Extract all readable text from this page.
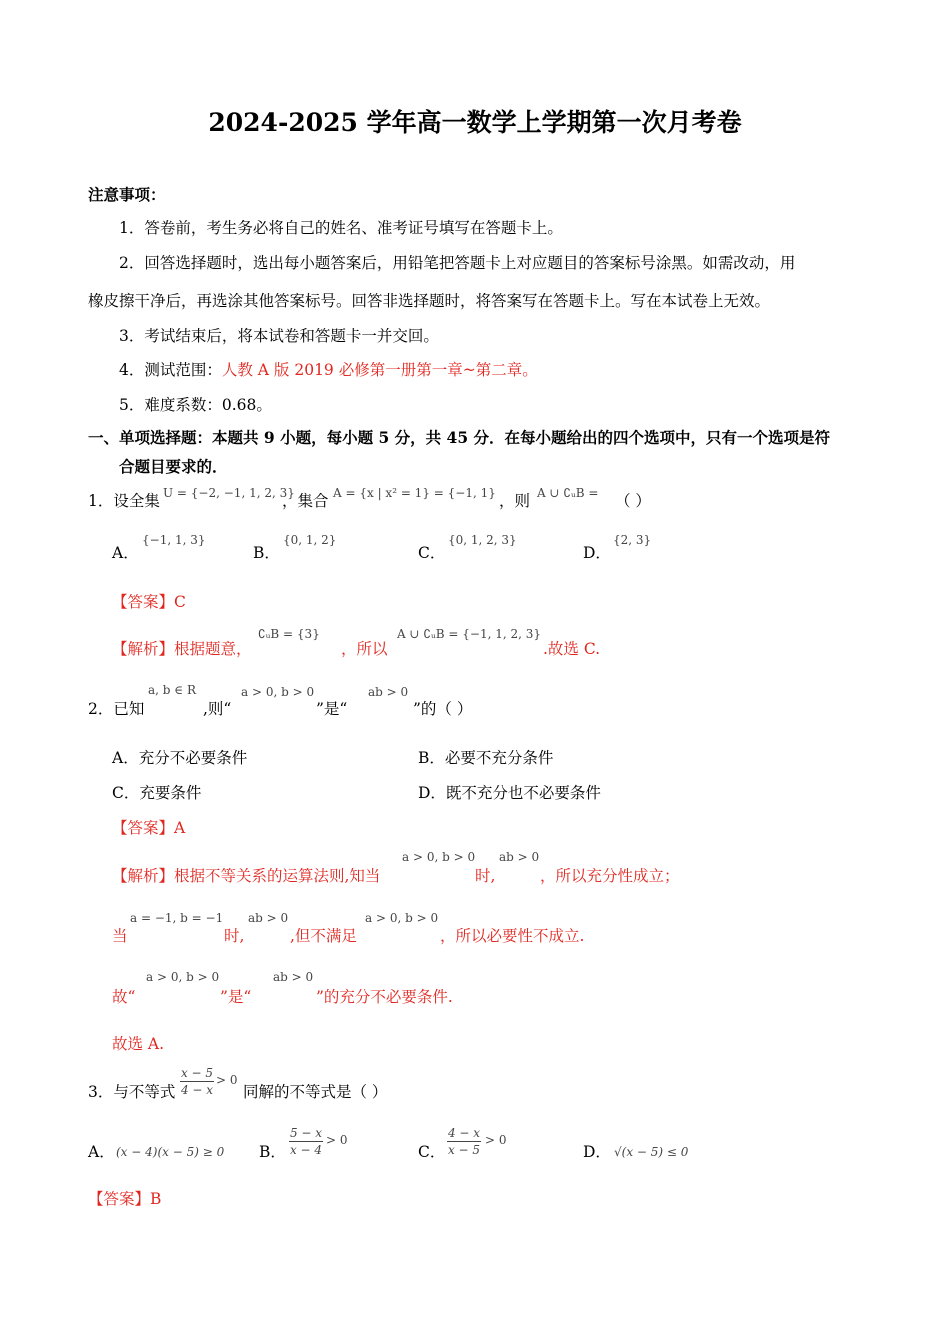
2024-2025 学年高一数学上学期第一次月考卷
注意事项：
1．答卷前，考生务必将自己的姓名、准考证号填写在答题卡上。
2．回答选择题时，选出每小题答案后，用铅笔把答题卡上对应题目的答案标号涂黑。如需改动，用
橡皮擦干净后，再选涂其他答案标号。回答非选择题时，将答案写在答题卡上。写在本试卷上无效。
3．考试结束后，将本试卷和答题卡一并交回。
4．测试范围：人教 A 版 2019 必修第一册第一章~第二章。
5．难度系数：0.68。
一、单项选择题：本题共 9 小题，每小题 5 分，共 45 分．在每小题给出的四个选项中，只有一个选项是符
合题目要求的．
1．设全集 U = {−2, −1, 1, 2, 3}
，集合 A = {x | x² = 1} = {−1, 1} ，则 A ∪ ∁ᵤB = （ ）
A．
{−1, 1, 3}
B．
{0, 1, 2}
C．
{0, 1, 2, 3}
D．
{2, 3}
【答案】C
【解析】根据题意，
∁ᵤB = {3}
，所以
A ∪ ∁ᵤB = {−1, 1, 2, 3}
.故选 C.
a, b ∈ R	a > 0, b > 0	ab > 0
2．已知	,则“	”是“	”的（ ）
A．充分不必要条件	B．必要不充分条件
C．充要条件	D．既不充分也不必要条件
【答案】A
a > 0, b > 0 ab > 0
【解析】根据不等关系的运算法则,知当	时,	，所以充分性成立；
a = −1, b = −1 ab > 0	a > 0, b > 0
当	时,	,但不满足	，所以必要性不成立.
a > 0, b > 0	ab > 0
故“	”是“	”的充分不必要条件.
故选 A.
3．与不等式
x − 5
4 − x
> 0
同解的不等式是（ ）
A． (x − 4)(x − 5) ≥ 0 B．
5 − x
x − 4
> 0
C．
4 − x
x − 5
> 0
D． √(x − 5) ≤ 0
【答案】B
